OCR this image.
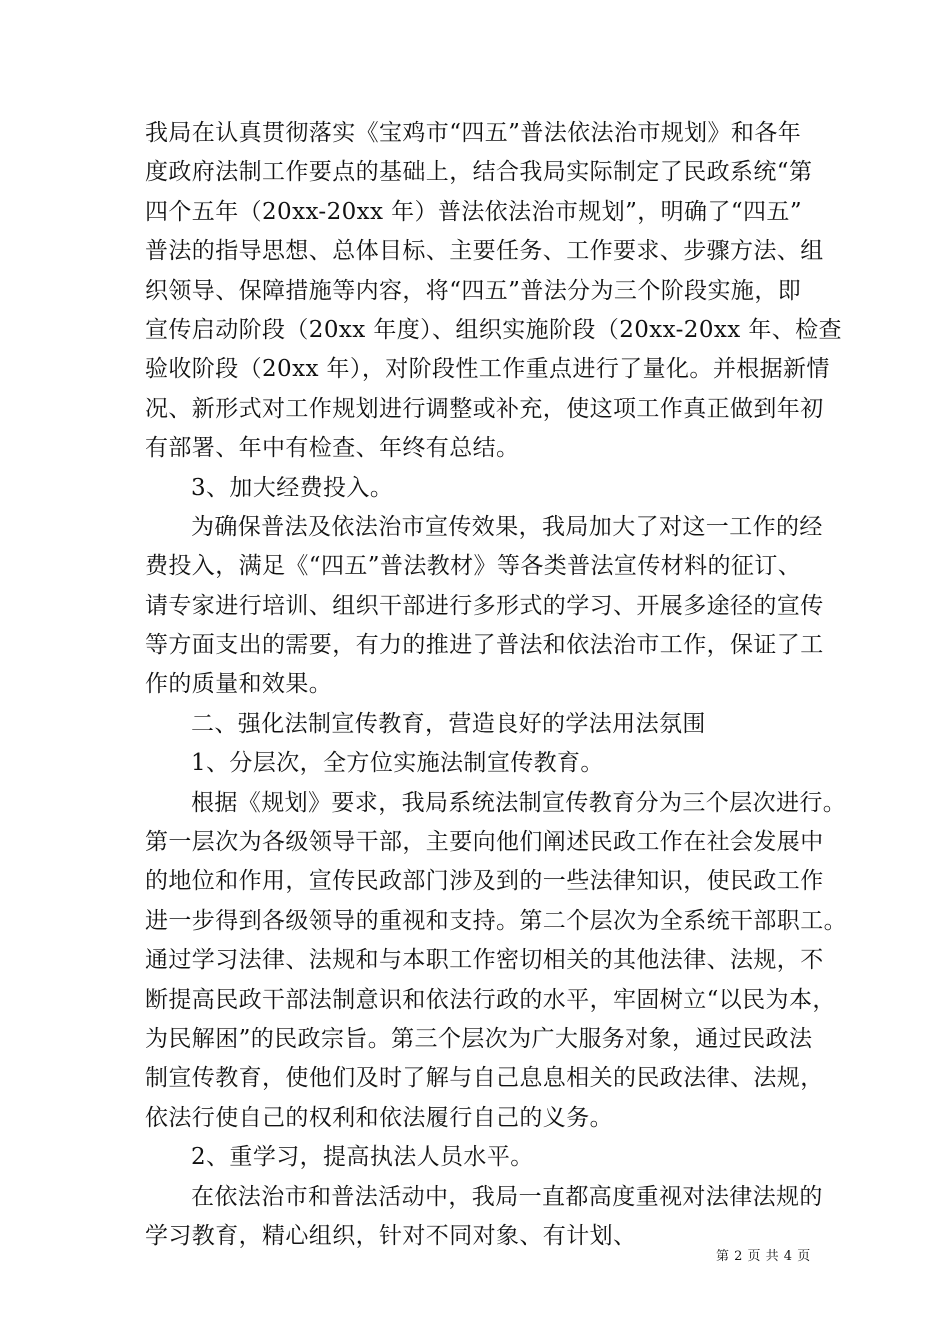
我局在认真贯彻落实《宝鸡市“四五”普法依法治市规划》和各年
度政府法制工作要点的基础上，结合我局实际制定了民政系统“第
四个五年（20xx-20xx 年）普法依法治市规划”，明确了“四五”
普法的指导思想、总体目标、主要任务、工作要求、步骤方法、组
织领导、保障措施等内容，将“四五”普法分为三个阶段实施，即
宣传启动阶段（20xx 年度）、组织实施阶段（20xx-20xx 年、检查
验收阶段（20xx 年），对阶段性工作重点进行了量化。并根据新情
况、新形式对工作规划进行调整或补充，使这项工作真正做到年初
有部署、年中有检查、年终有总结。
3、加大经费投入。
为确保普法及依法治市宣传效果，我局加大了对这一工作的经
费投入，满足《“四五”普法教材》等各类普法宣传材料的征订、
请专家进行培训、组织干部进行多形式的学习、开展多途径的宣传
等方面支出的需要，有力的推进了普法和依法治市工作，保证了工
作的质量和效果。
二、强化法制宣传教育，营造良好的学法用法氛围
1、分层次，全方位实施法制宣传教育。
根据《规划》要求，我局系统法制宣传教育分为三个层次进行。
第一层次为各级领导干部，主要向他们阐述民政工作在社会发展中
的地位和作用，宣传民政部门涉及到的一些法律知识，使民政工作
进一步得到各级领导的重视和支持。第二个层次为全系统干部职工。
通过学习法律、法规和与本职工作密切相关的其他法律、法规，不
断提高民政干部法制意识和依法行政的水平，牢固树立“以民为本，
为民解困”的民政宗旨。第三个层次为广大服务对象，通过民政法
制宣传教育，使他们及时了解与自己息息相关的民政法律、法规，
依法行使自己的权利和依法履行自己的义务。
2、重学习，提高执法人员水平。
在依法治市和普法活动中，我局一直都高度重视对法律法规的
学习教育，精心组织，针对不同对象、有计划、
第 2 页 共 4 页
